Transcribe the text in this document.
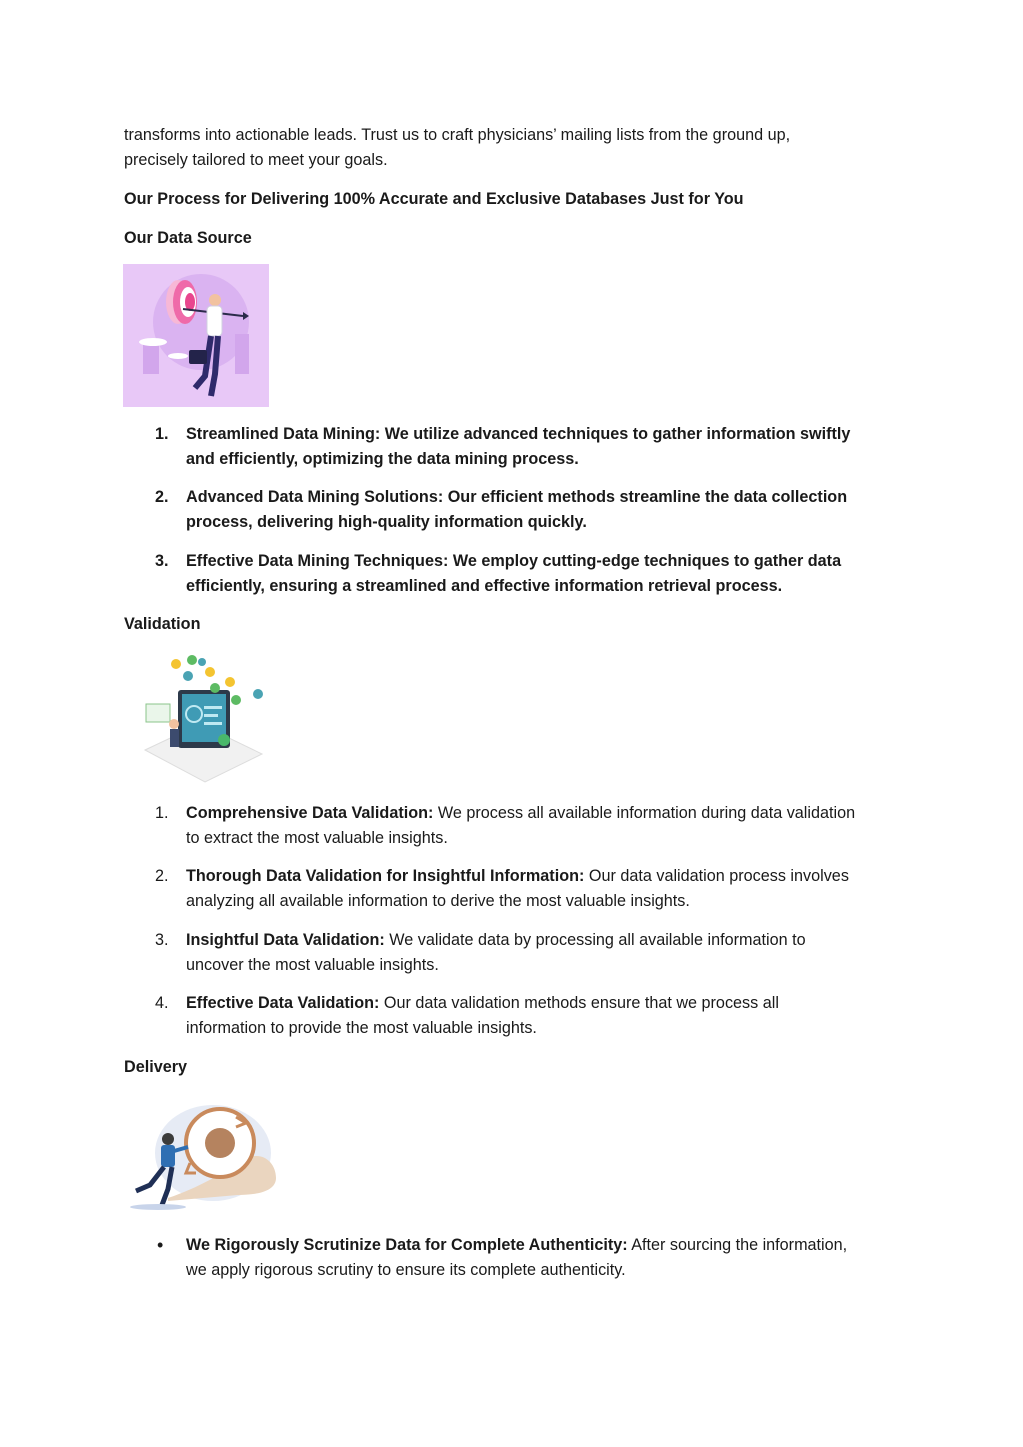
transforms into actionable leads. Trust us to craft physicians’ mailing lists from the ground up,
precisely tailored to meet your goals.

Our Process for Delivering 100% Accurate and Exclusive Databases Just for You

Our Data Source

1.	Streamlined Data Mining: We utilize advanced techniques to gather information swiftly
and efficiently, optimizing the data mining process.

2.	Advanced Data Mining Solutions: Our efficient methods streamline the data collection
process, delivering high-quality information quickly.

3.	Effective Data Mining Techniques: We employ cutting-edge techniques to gather data
efficiently, ensuring a streamlined and effective information retrieval process.

Validation

1.	Comprehensive Data Validation: We process all available information during data validation
to extract the most valuable insights.

2.	Thorough Data Validation for Insightful Information: Our data validation process involves
analyzing all available information to derive the most valuable insights.

3.	Insightful Data Validation: We validate data by processing all available information to
uncover the most valuable insights.

4.	Effective Data Validation: Our data validation methods ensure that we process all
information to provide the most valuable insights.

Delivery

• We Rigorously Scrutinize Data for Complete Authenticity: After sourcing the information,
we apply rigorous scrutiny to ensure its complete authenticity.
